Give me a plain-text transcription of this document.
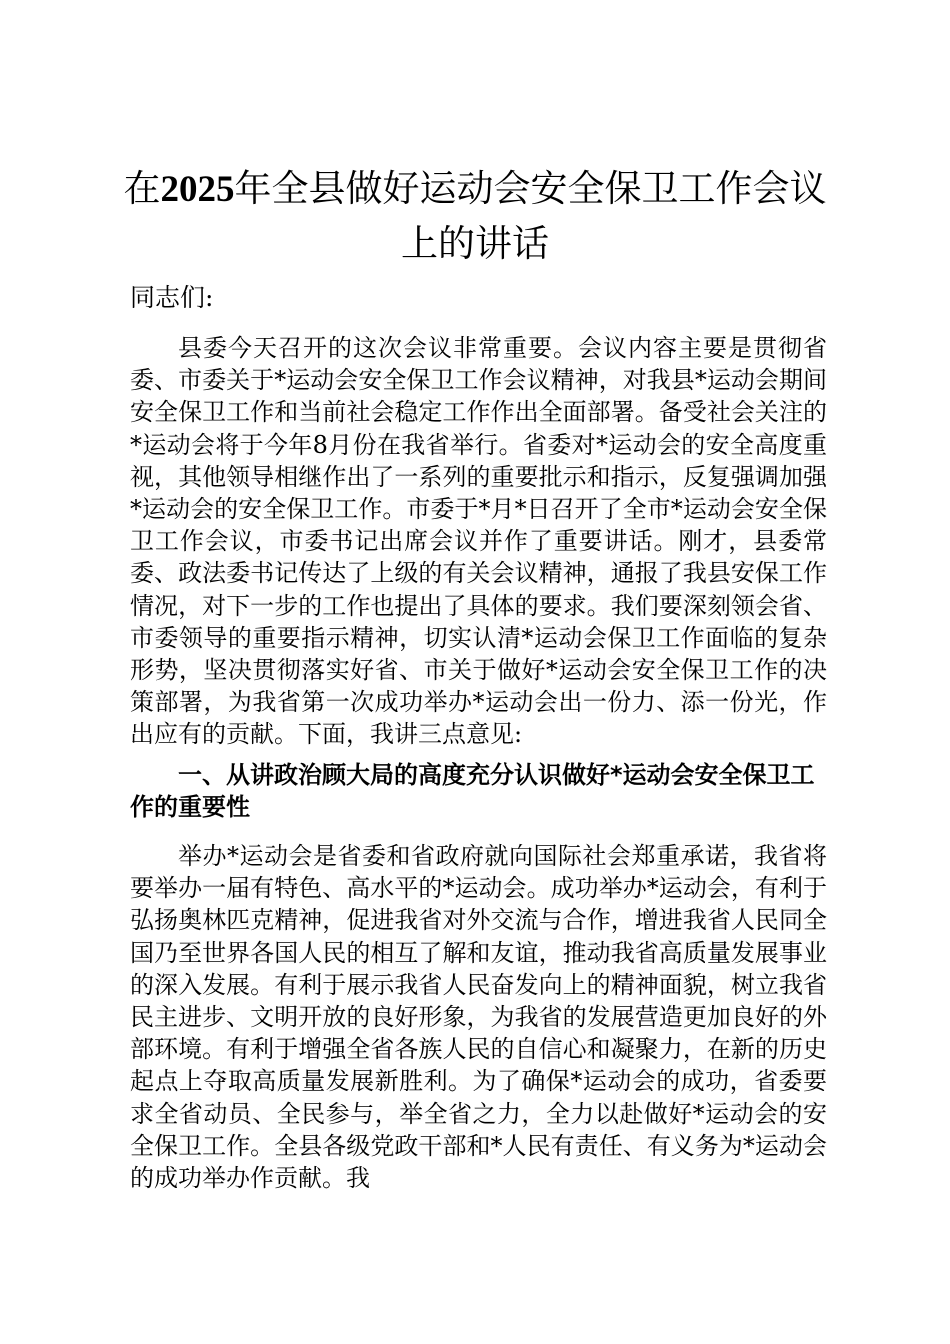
在2025年全县做好运动会安全保卫工作会议
上的讲话
同志们:
县委今天召开的这次会议非常重要。会议内容主要是贯彻省委、市委关于*运动会安全保卫工作会议精神，对我县*运动会期间安全保卫工作和当前社会稳定工作作出全面部署。备受社会关注的*运动会将于今年8月份在我省举行。省委对*运动会的安全高度重视，其他领导相继作出了一系列的重要批示和指示，反复强调加强*运动会的安全保卫工作。市委于*月*日召开了全市*运动会安全保卫工作会议，市委书记出席会议并作了重要讲话。刚才，县委常委、政法委书记传达了上级的有关会议精神，通报了我县安保工作情况，对下一步的工作也提出了具体的要求。我们要深刻领会省、市委领导的重要指示精神，切实认清*运动会保卫工作面临的复杂形势，坚决贯彻落实好省、市关于做好*运动会安全保卫工作的决策部署，为我省第一次成功举办*运动会出一份力、添一份光，作出应有的贡献。下面，我讲三点意见:
一、从讲政治顾大局的高度充分认识做好*运动会安全保卫工作的重要性
举办*运动会是省委和省政府就向国际社会郑重承诺，我省将要举办一届有特色、高水平的*运动会。成功举办*运动会，有利于弘扬奥林匹克精神，促进我省对外交流与合作，增进我省人民同全国乃至世界各国人民的相互了解和友谊，推动我省高质量发展事业的深入发展。有利于展示我省人民奋发向上的精神面貌，树立我省民主进步、文明开放的良好形象，为我省的发展营造更加良好的外部环境。有利于增强全省各族人民的自信心和凝聚力，在新的历史起点上夺取高质量发展新胜利。为了确保*运动会的成功，省委要求全省动员、全民参与，举全省之力，全力以赴做好*运动会的安全保卫工作。全县各级党政干部和*人民有责任、有义务为*运动会的成功举办作贡献。我
